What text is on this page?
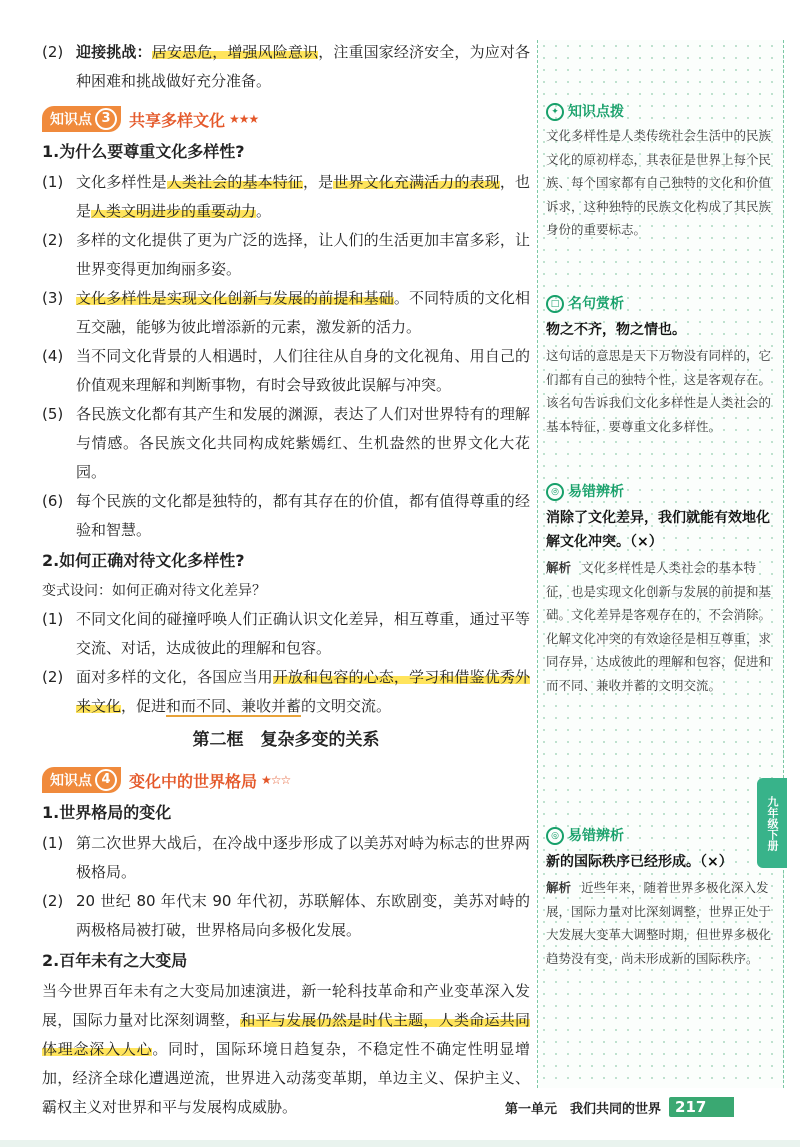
(2) 迎接挑战：居安思危，增强风险意识，注重国家经济安全，为应对各种困难和挑战做好充分准备。
知识点 3	共享多样文化 ★★★
1.为什么要尊重文化多样性?
(1) 文化多样性是人类社会的基本特征，是世界文化充满活力的表现，也是人类文明进步的重要动力。
(2) 多样的文化提供了更为广泛的选择，让人们的生活更加丰富多彩，让世界变得更加绚丽多姿。
(3) 文化多样性是实现文化创新与发展的前提和基础。不同特质的文化相互交融，能够为彼此增添新的元素，激发新的活力。
(4) 当不同文化背景的人相遇时，人们往往从自身的文化视角、用自己的价值观来理解和判断事物，有时会导致彼此误解与冲突。
(5) 各民族文化都有其产生和发展的渊源，表达了人们对世界特有的理解与情感。各民族文化共同构成姹紫嫣红、生机盎然的世界文化大花园。
(6) 每个民族的文化都是独特的，都有其存在的价值，都有值得尊重的经验和智慧。
2.如何正确对待文化多样性?
变式设问：如何正确对待文化差异？
(1) 不同文化间的碰撞呼唤人们正确认识文化差异，相互尊重，通过平等交流、对话，达成彼此的理解和包容。
(2) 面对多样的文化，各国应当用开放和包容的心态，学习和借鉴优秀外来文化，促进和而不同、兼收并蓄的文明交流。
第二框　复杂多变的关系
知识点 4	变化中的世界格局 ★☆☆
1.世界格局的变化
(1) 第二次世界大战后，在冷战中逐步形成了以美苏对峙为标志的世界两极格局。
(2) 20 世纪 80 年代末 90 年代初，苏联解体、东欧剧变，美苏对峙的两极格局被打破，世界格局向多极化发展。
2.百年未有之大变局
当今世界百年未有之大变局加速演进，新一轮科技革命和产业变革深入发展，国际力量对比深刻调整，和平与发展仍然是时代主题，人类命运共同体理念深入人心。同时，国际环境日趋复杂，不稳定性不确定性明显增加，经济全球化遭遇逆流，世界进入动荡变革期，单边主义、保护主义、霸权主义对世界和平与发展构成威胁。
✦ 知识点拨

文化多样性是人类传统社会生活中的民族文化的原初样态，其表征是世界上每个民族、每个国家都有自己独特的文化和价值诉求，这种独特的民族文化构成了其民族身份的重要标志。

□ 名句赏析
物之不齐，物之情也。

这句话的意思是天下万物没有同样的，它们都有自己的独特个性，这是客观存在。该名句告诉我们文化多样性是人类社会的基本特征，要尊重文化多样性。

◎ 易错辨析
消除了文化差异，我们就能有效地化解文化冲突。（×）

解析 文化多样性是人类社会的基本特征，也是实现文化创新与发展的前提和基础。文化差异是客观存在的，不会消除。化解文化冲突的有效途径是相互尊重，求同存异，达成彼此的理解和包容，促进和而不同、兼收并蓄的文明交流。

◎ 易错辨析
新的国际秩序已经形成。（×）

解析 近些年来，随着世界多极化深入发展，国际力量对比深刻调整，世界正处于大发展大变革大调整时期，但世界多极化趋势没有变，尚未形成新的国际秩序。

九年级下册
第一单元　我们共同的世界 217
